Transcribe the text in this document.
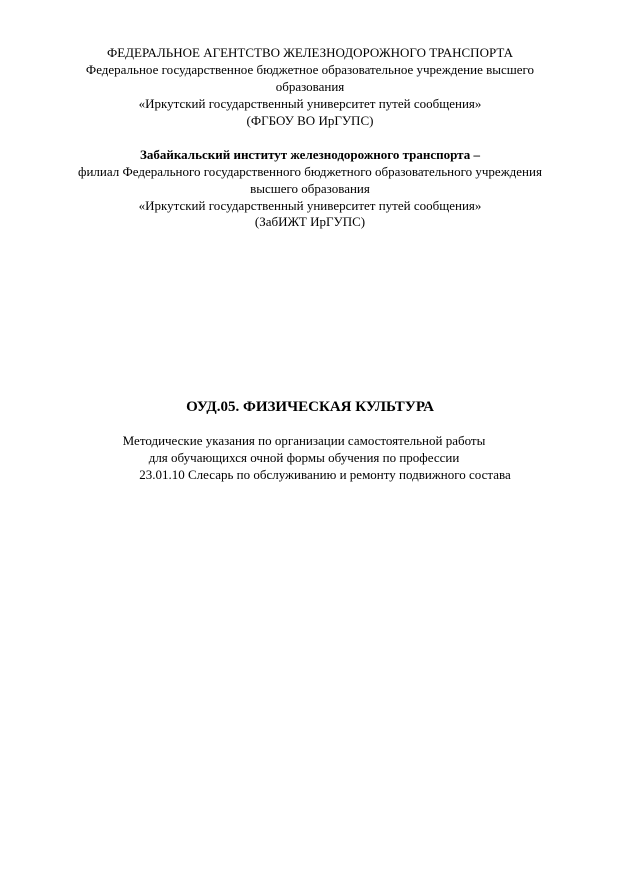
ФЕДЕРАЛЬНОЕ АГЕНТСТВО ЖЕЛЕЗНОДОРОЖНОГО ТРАНСПОРТА
Федеральное государственное бюджетное образовательное учреждение высшего
образования
«Иркутский государственный университет путей сообщения»
(ФГБОУ ВО ИрГУПС)
Забайкальский институт железнодорожного транспорта –
филиал Федерального государственного бюджетного образовательного учреждения
высшего образования
«Иркутский государственный университет путей сообщения»
(ЗабИЖТ ИрГУПС)
ОУД.05. ФИЗИЧЕСКАЯ КУЛЬТУРА
Методические указания по организации самостоятельной работы
для обучающихся очной формы обучения по профессии
23.01.10 Слесарь по обслуживанию и ремонту подвижного состава
